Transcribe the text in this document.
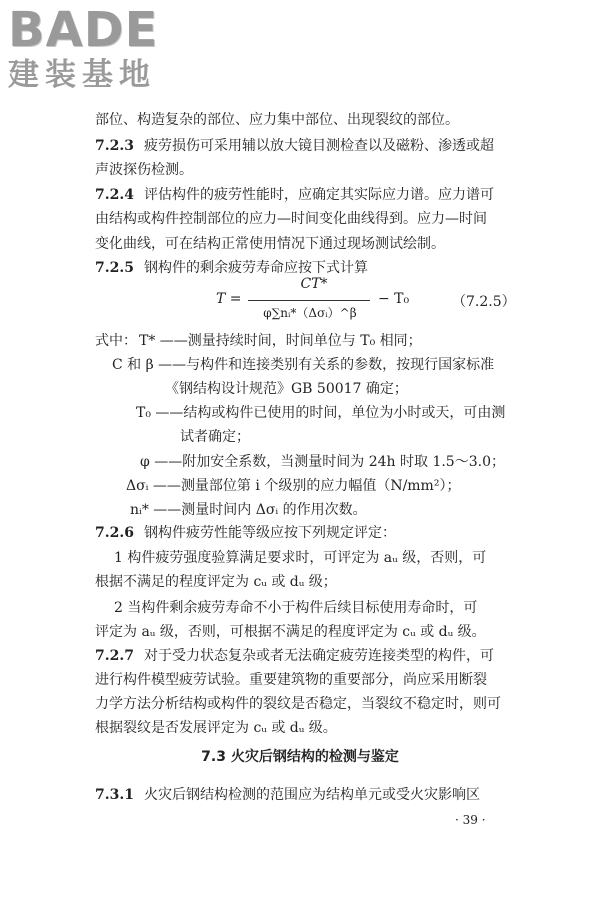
BADE
建装基地
部位、构造复杂的部位、应力集中部位、出现裂纹的部位。
7.2.3 疲劳损伤可采用辅以放大镜目测检查以及磁粉、渗透或超
声波探伤检测。
7.2.4 评估构件的疲劳性能时，应确定其实际应力谱。应力谱可
由结构或构件控制部位的应力—时间变化曲线得到。应力—时间
变化曲线，可在结构正常使用情况下通过现场测试绘制。
7.2.5 钢构件的剩余疲劳寿命应按下式计算
T =
CT*
φ∑nᵢ*（Δσᵢ）^β
− T₀	（7.2.5）
式中： T* ——测量持续时间，时间单位与 T₀ 相同；
C 和 β ——与构件和连接类别有关系的参数，按现行国家标准
《钢结构设计规范》GB 50017 确定；
T₀ ——结构或构件已使用的时间，单位为小时或天，可由测
试者确定；
φ ——附加安全系数，当测量时间为 24h 时取 1.5～3.0；
Δσᵢ ——测量部位第 i 个级别的应力幅值（N/mm²）；
nᵢ* ——测量时间内 Δσᵢ 的作用次数。
7.2.6 钢构件疲劳性能等级应按下列规定评定：
1 构件疲劳强度验算满足要求时，可评定为 aᵤ 级，否则，可
根据不满足的程度评定为 cᵤ 或 dᵤ 级；
2 当构件剩余疲劳寿命不小于构件后续目标使用寿命时，可
评定为 aᵤ 级，否则，可根据不满足的程度评定为 cᵤ 或 dᵤ 级。
7.2.7 对于受力状态复杂或者无法确定疲劳连接类型的构件，可
进行构件模型疲劳试验。重要建筑物的重要部分，尚应采用断裂
力学方法分析结构或构件的裂纹是否稳定，当裂纹不稳定时，则可
根据裂纹是否发展评定为 cᵤ 或 dᵤ 级。
7.3 火灾后钢结构的检测与鉴定
7.3.1 火灾后钢结构检测的范围应为结构单元或受火灾影响区
· 39 ·
